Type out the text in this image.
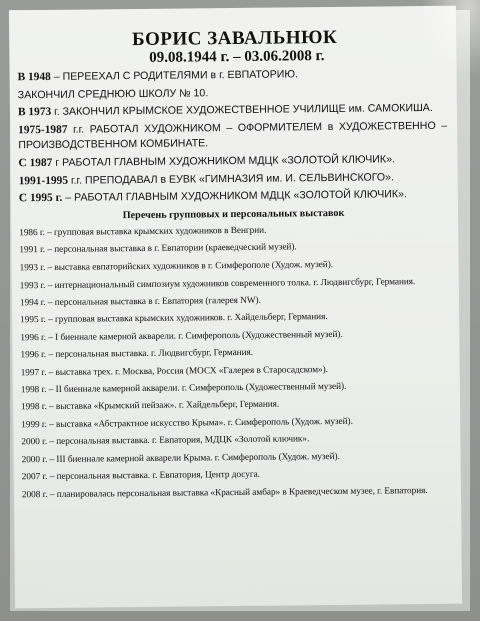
БОРИС ЗАВАЛЬНЮК
09.08.1944 г. – 03.06.2008 г.

В 1948 – ПЕРЕЕХАЛ С РОДИТЕЛЯМИ в г. ЕВПАТОРИЮ.

ЗАКОНЧИЛ СРЕДНЮЮ ШКОЛУ № 10.

В 1973 г. ЗАКОНЧИЛ КРЫМСКОЕ ХУДОЖЕСТВЕННОЕ УЧИЛИЩЕ им. САМОКИША.

1975-1987 г.г. РАБОТАЛ ХУДОЖНИКОМ – ОФОРМИТЕЛЕМ в ХУДОЖЕСТВЕННО – ПРОИЗВОДСТВЕННОМ КОМБИНАТЕ.

С 1987 г РАБОТАЛ ГЛАВНЫМ ХУДОЖНИКОМ МДЦК «ЗОЛОТОЙ КЛЮЧИК».

1991-1995 г.г. ПРЕПОДАВАЛ в ЕУВК «ГИМНАЗИЯ им. И. СЕЛЬВИНСКОГО».

С 1995 г. – РАБОТАЛ ГЛАВНЫМ ХУДОЖНИКОМ МДЦК «ЗОЛОТОЙ КЛЮЧИК».

Перечень групповых и персональных выставок
1986 г. – групповая выставка крымских художников в Венгрии.
1991 г. – персональная выставка в г. Евпатории (краеведческий музей).
1993 г. – выставка евпаторийских художников в г. Симферополе (Худож. музей).
1993 г. – интернациональный симпозиум художников современного толка. г. Людвигсбург, Германия.
1994 г. – персональная выставка в г. Евпатория (галерея NW).
1995 г. – групповая выставка крымских художников. г. Хайдельберг, Германия.
1996 г. – I биеннале камерной акварели. г. Симферополь (Художественный музей).
1996 г. – персональная выставка. г. Людвигсбург, Германия.
1997 г. – выставка трех. г. Москва, Россия (МОСХ «Галерея в Старосадском»).
1998 г. – II биеннале камерной акварели. г. Симферополь (Художественный музей).
1998 г. – выставка «Крымский пейзаж». г. Хайдельберг, Германия.
1999 г. – выставка «Абстрактное искусство Крыма». г. Симферополь (Худож. музей).
2000 г. – персональная выставка. г. Евпатория, МДЦК «Золотой ключик».
2000 г. – III биеннале камерной акварели Крыма. г. Симферополь (Худож. музей).
2007 г. – персональная выставка. г. Евпатория, Центр досуга.
2008 г. – планировалась персональная выставка «Красный амбар» в Краеведческом музее, г. Евпатория.
